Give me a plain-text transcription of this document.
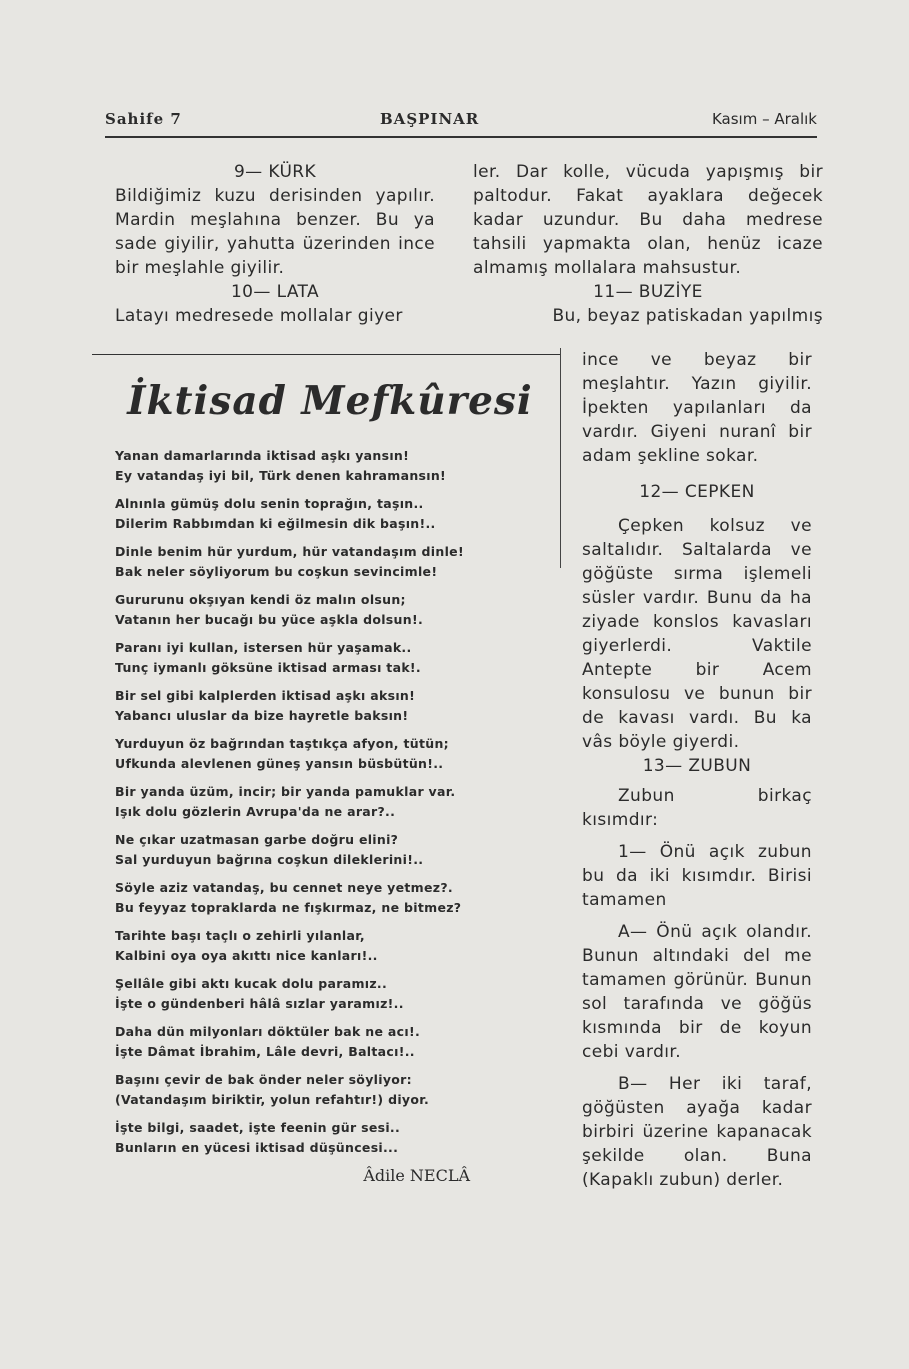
Sahife 7	BAŞPINAR	Kasım – Aralık

9— KÜRK

Bildiğimiz kuzu derisinden yapılır. Mardin meşlahına benzer. Bu ya sade giyilir, yahutta üzerinden ince bir meşlahle giyilir.

10— LATA

Latayı medresede mollalar giyer

ler. Dar kolle, vücuda yapışmış bir paltodur. Fakat ayaklara değecek kadar uzundur. Bu daha medrese tahsili yapmakta olan, henüz icaze almamış mollalara mahsustur.

11— BUZİYE

Bu, beyaz patiskadan yapılmış

İktisad Mefkûresi
Yanan damarlarında iktisad aşkı yansın!
Ey vatandaş iyi bil, Türk denen kahramansın!
Alnınla gümüş dolu senin toprağın, taşın..
Dilerim Rabbımdan ki eğilmesin dik başın!..
Dinle benim hür yurdum, hür vatandaşım dinle!
Bak neler söyliyorum bu coşkun sevincimle!
Gururunu okşıyan kendi öz malın olsun;
Vatanın her bucağı bu yüce aşkla dolsun!.
Paranı iyi kullan, istersen hür yaşamak..
Tunç iymanlı göksüne iktisad arması tak!.
Bir sel gibi kalplerden iktisad aşkı aksın!
Yabancı uluslar da bize hayretle baksın!
Yurduyun öz bağrından taştıkça afyon, tütün;
Ufkunda alevlenen güneş yansın büsbütün!..
Bir yanda üzüm, incir; bir yanda pamuklar var.
Işık dolu gözlerin Avrupa'da ne arar?..
Ne çıkar uzatmasan garbe doğru elini?
Sal yurduyun bağrına coşkun dileklerini!..
Söyle aziz vatandaş, bu cennet neye yetmez?.
Bu feyyaz topraklarda ne fışkırmaz, ne bitmez?
Tarihte başı taçlı o zehirli yılanlar,
Kalbini oya oya akıttı nice kanları!..
Şellâle gibi aktı kucak dolu paramız..
İşte o gündenberi hâlâ sızlar yaramız!..
Daha dün milyonları döktüler bak ne acı!.
İşte Dâmat İbrahim, Lâle devri, Baltacı!..
Başını çevir de bak önder neler söyliyor:
(Vatandaşım biriktir, yolun refahtır!) diyor.
İşte bilgi, saadet, işte feenin gür sesi..
Bunların en yücesi iktisad düşüncesi...
Âdile NECLÂ

ince ve beyaz bir meşlahtır. Yazın giyilir. İpekten yapılanları da vardır. Giyeni nuranî bir adam şekline sokar.

12— CEPKEN

Çepken kolsuz ve saltalıdır. Saltalarda ve göğüste sırma işlemeli süsler vardır. Bunu da ha ziyade konslos kavasları giyerlerdi. Vaktile Antepte bir Acem konsulosu ve bunun bir de kavası vardı. Bu ka vâs böyle giyerdi.

13— ZUBUN

Zubun birkaç kısımdır:

1— Önü açık zubun bu da iki kısımdır. Birisi tamamen

A— Önü açık olandır. Bunun altındaki del me tamamen görünür. Bunun sol tarafında ve göğüs kısmında bir de koyun cebi vardır.

B— Her iki taraf, göğüsten ayağa kadar birbiri üzerine kapanacak şekilde olan. Buna (Kapaklı zubun) derler.
